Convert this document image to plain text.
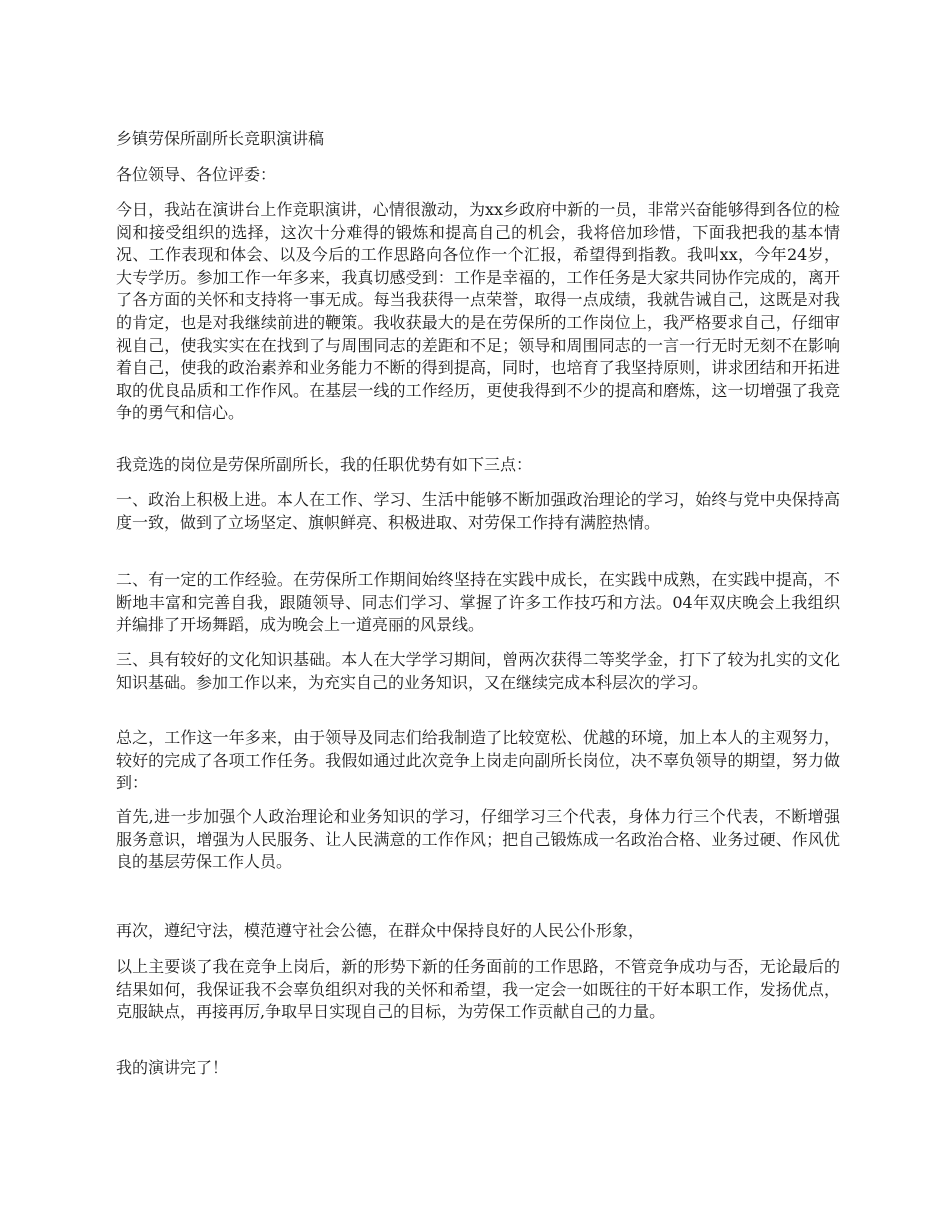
乡镇劳保所副所长竞职演讲稿

各位领导、各位评委：

今日，我站在演讲台上作竞职演讲，心情很激动，为xx乡政府中新的一员，非常兴奋能够得到各位的检阅和接受组织的选择，这次十分难得的锻炼和提高自己的机会，我将倍加珍惜，下面我把我的基本情况、工作表现和体会、以及今后的工作思路向各位作一个汇报，希望得到指教。我叫xx，今年24岁，大专学历。参加工作一年多来，我真切感受到：工作是幸福的，工作任务是大家共同协作完成的，离开了各方面的关怀和支持将一事无成。每当我获得一点荣誉，取得一点成绩，我就告诫自己，这既是对我的肯定，也是对我继续前进的鞭策。我收获最大的是在劳保所的工作岗位上，我严格要求自己，仔细审视自己，使我实实在在找到了与周围同志的差距和不足；领导和周围同志的一言一行无时无刻不在影响着自己，使我的政治素养和业务能力不断的得到提高，同时，也培育了我坚持原则，讲求团结和开拓进取的优良品质和工作作风。在基层一线的工作经历，更使我得到不少的提高和磨炼，这一切增强了我竞争的勇气和信心。

我竞选的岗位是劳保所副所长，我的任职优势有如下三点：

一、政治上积极上进。本人在工作、学习、生活中能够不断加强政治理论的学习，始终与党中央保持高度一致，做到了立场坚定、旗帜鲜亮、积极进取、对劳保工作持有满腔热情。

二、有一定的工作经验。在劳保所工作期间始终坚持在实践中成长，在实践中成熟，在实践中提高，不断地丰富和完善自我，跟随领导、同志们学习、掌握了许多工作技巧和方法。04年双庆晚会上我组织并编排了开场舞蹈，成为晚会上一道亮丽的风景线。

三、具有较好的文化知识基础。本人在大学学习期间，曾两次获得二等奖学金，打下了较为扎实的文化知识基础。参加工作以来，为充实自己的业务知识，又在继续完成本科层次的学习。

总之，工作这一年多来，由于领导及同志们给我制造了比较宽松、优越的环境，加上本人的主观努力，较好的完成了各项工作任务。我假如通过此次竞争上岗走向副所长岗位，决不辜负领导的期望，努力做到：

首先,进一步加强个人政治理论和业务知识的学习，仔细学习三个代表，身体力行三个代表，不断增强服务意识，增强为人民服务、让人民满意的工作作风；把自己锻炼成一名政治合格、业务过硬、作风优良的基层劳保工作人员。

再次，遵纪守法，模范遵守社会公德，在群众中保持良好的人民公仆形象，

以上主要谈了我在竞争上岗后，新的形势下新的任务面前的工作思路，不管竞争成功与否，无论最后的结果如何，我保证我不会辜负组织对我的关怀和希望，我一定会一如既往的干好本职工作，发扬优点，克服缺点，再接再厉,争取早日实现自己的目标，为劳保工作贡献自己的力量。

我的演讲完了！
